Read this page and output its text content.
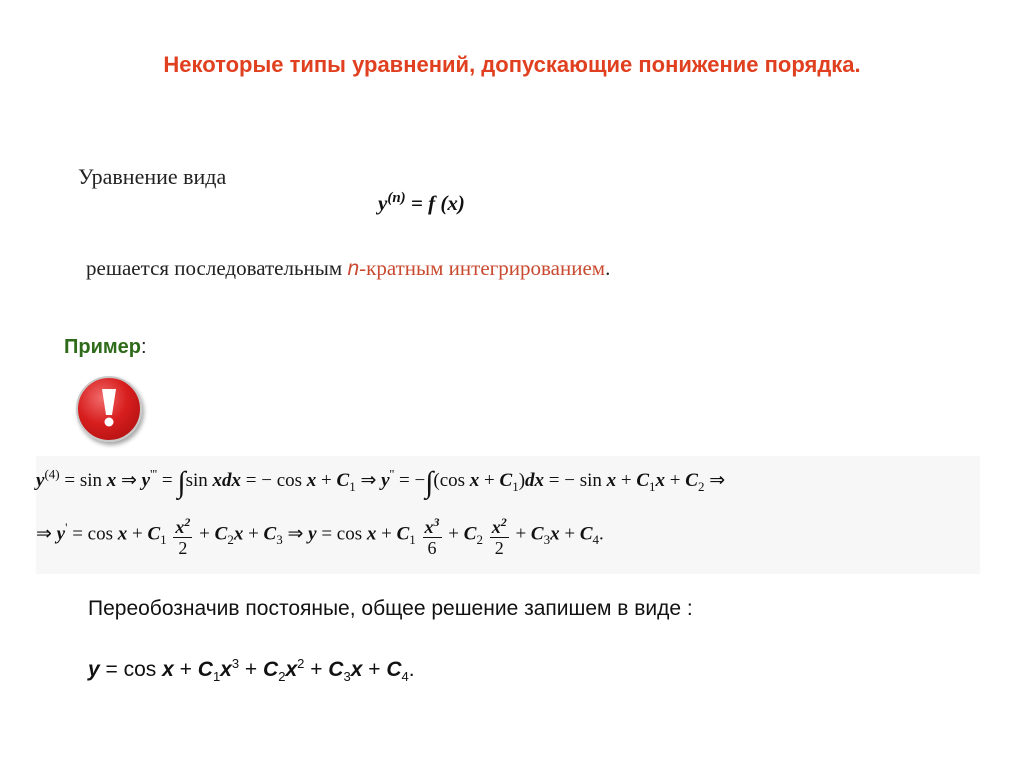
Некоторые типы уравнений, допускающие понижение порядка.
Уравнение вида
$y^{(n)} = f$ (x)
решается последовательным n-кратным интегрированием.
Пример:
$y^{(4)} = \sin x$ ⇒ y''' = ∫sin xdx = − $\cos x + C_1$ ⇒ y'' = −∫(cos $x + C_1)dx$ = − $\sin x + C_1x + C_2$ ⇒
⇒ $y' = \cos x + C_1 \frac{x^2}{2} + C_2x + C_3$ ⇒ $y = \cos x + C_1 \frac{x^3}{6} + C_2 \frac{x^2}{2} + C_3x + C_4$.
Переобозначив постояные, общее решение запишем в виде :
$y = \cos x + C_1x^3 + C_2x^2 + C_3x + C_4$.
